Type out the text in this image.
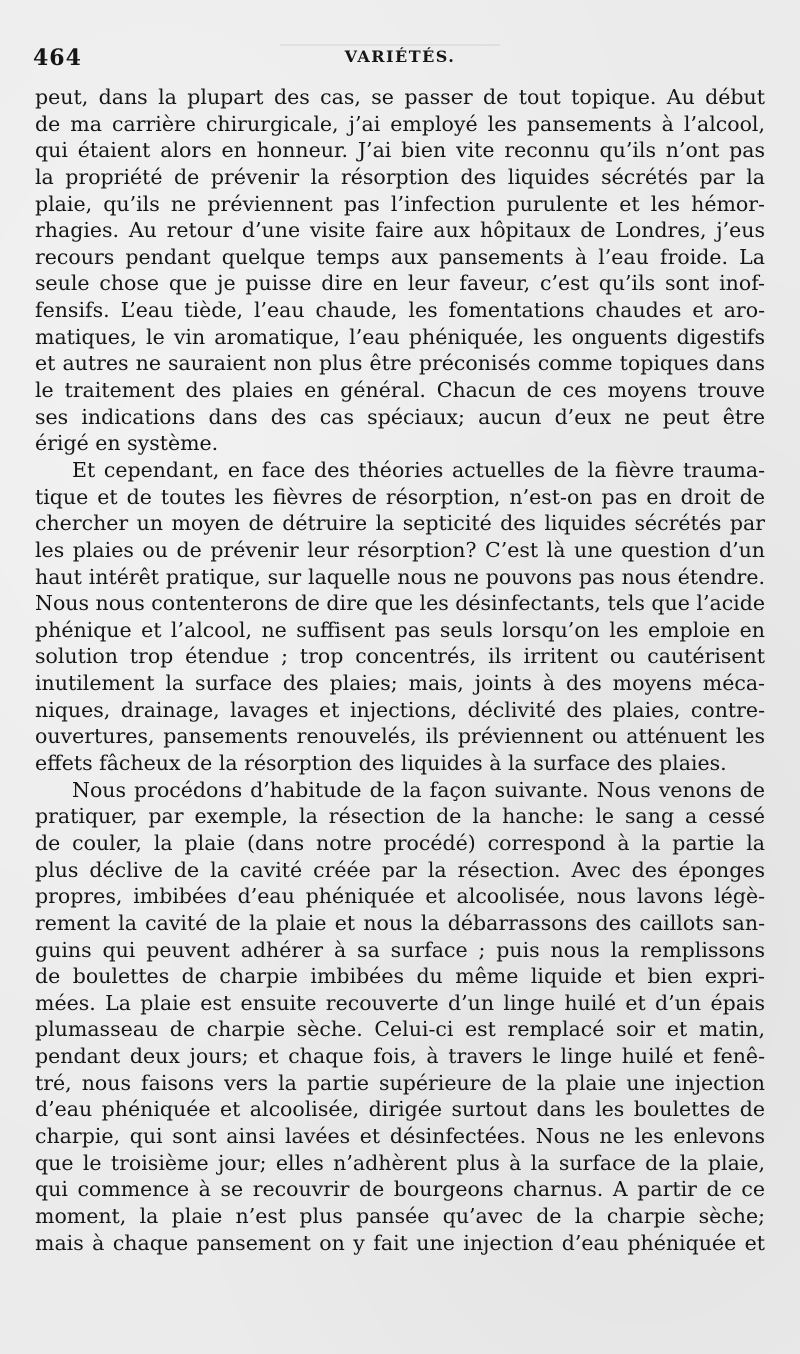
464	VARIÉTÉS.
peut, dans la plupart des cas, se passer de tout topique. Au début
de ma carrière chirurgicale, j’ai employé les pansements à l’alcool,
qui étaient alors en honneur. J’ai bien vite reconnu qu’ils n’ont pas
la propriété de prévenir la résorption des liquides sécrétés par la
plaie, qu’ils ne préviennent pas l’infection purulente et les hémor-
rhagies. Au retour d’une visite faire aux hôpitaux de Londres, j’eus
recours pendant quelque temps aux pansements à l’eau froide. La
seule chose que je puisse dire en leur faveur, c’est qu’ils sont inof-
fensifs. L’eau tiède, l’eau chaude, les fomentations chaudes et aro-
matiques, le vin aromatique, l’eau phéniquée, les onguents digestifs
et autres ne sauraient non plus être préconisés comme topiques dans
le traitement des plaies en général. Chacun de ces moyens trouve
ses indications dans des cas spéciaux; aucun d’eux ne peut être
érigé en système.
Et cependant, en face des théories actuelles de la fièvre trauma-
tique et de toutes les fièvres de résorption, n’est-on pas en droit de
chercher un moyen de détruire la septicité des liquides sécrétés par
les plaies ou de prévenir leur résorption? C’est là une question d’un
haut intérêt pratique, sur laquelle nous ne pouvons pas nous étendre.
Nous nous contenterons de dire que les désinfectants, tels que l’acide
phénique et l’alcool, ne suffisent pas seuls lorsqu’on les emploie en
solution trop étendue ; trop concentrés, ils irritent ou cautérisent
inutilement la surface des plaies; mais, joints à des moyens méca-
niques, drainage, lavages et injections, déclivité des plaies, contre-
ouvertures, pansements renouvelés, ils préviennent ou atténuent les
effets fâcheux de la résorption des liquides à la surface des plaies.
Nous procédons d’habitude de la façon suivante. Nous venons de
pratiquer, par exemple, la résection de la hanche: le sang a cessé
de couler, la plaie (dans notre procédé) correspond à la partie la
plus déclive de la cavité créée par la résection. Avec des éponges
propres, imbibées d’eau phéniquée et alcoolisée, nous lavons légè-
rement la cavité de la plaie et nous la débarrassons des caillots san-
guins qui peuvent adhérer à sa surface ; puis nous la remplissons
de boulettes de charpie imbibées du même liquide et bien expri-
mées. La plaie est ensuite recouverte d’un linge huilé et d’un épais
plumasseau de charpie sèche. Celui-ci est remplacé soir et matin,
pendant deux jours; et chaque fois, à travers le linge huilé et fenê-
tré, nous faisons vers la partie supérieure de la plaie une injection
d’eau phéniquée et alcoolisée, dirigée surtout dans les boulettes de
charpie, qui sont ainsi lavées et désinfectées. Nous ne les enlevons
que le troisième jour; elles n’adhèrent plus à la surface de la plaie,
qui commence à se recouvrir de bourgeons charnus. A partir de ce
moment, la plaie n’est plus pansée qu’avec de la charpie sèche;
mais à chaque pansement on y fait une injection d’eau phéniquée et
